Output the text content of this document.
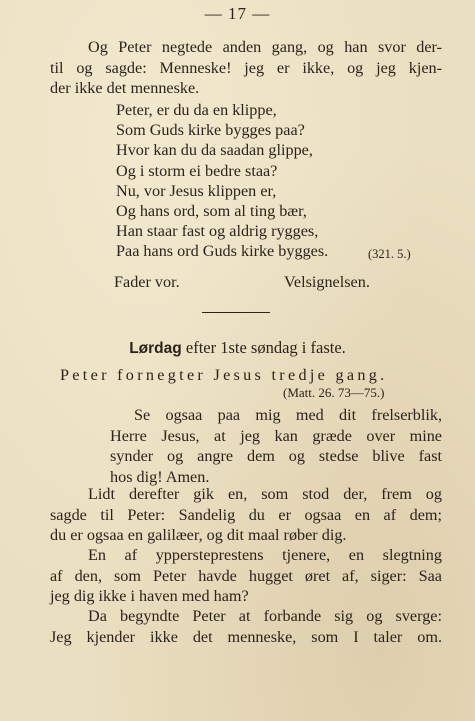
— 17 —
Og Peter negtede anden gang, og han svor der-
til og sagde: Menneske! jeg er ikke, og jeg kjen-
der ikke det menneske.
Peter, er du da en klippe,
Som Guds kirke bygges paa?
Hvor kan du da saadan glippe,
Og i storm ei bedre staa?
Nu, vor Jesus klippen er,
Og hans ord, som al ting bær,
Han staar fast og aldrig rygges,
Paa hans ord Guds kirke bygges.	(321. 5.)
Fader vor.	Velsignelsen.
Lørdag efter 1ste søndag i faste.
Peter fornegter Jesus tredje gang.
(Matt. 26. 73—75.)
Se ogsaa paa mig med dit frelserblik,
Herre Jesus, at jeg kan græde over mine
synder og angre dem og stedse blive fast
hos dig! Amen.
Lidt derefter gik en, som stod der, frem og
sagde til Peter: Sandelig du er ogsaa en af dem;
du er ogsaa en galilæer, og dit maal røber dig.
En af yppersteprestens tjenere, en slegtning
af den, som Peter havde hugget øret af, siger: Saa
jeg dig ikke i haven med ham?
Da begyndte Peter at forbande sig og sverge:
Jeg kjender ikke det menneske, som I taler om.
